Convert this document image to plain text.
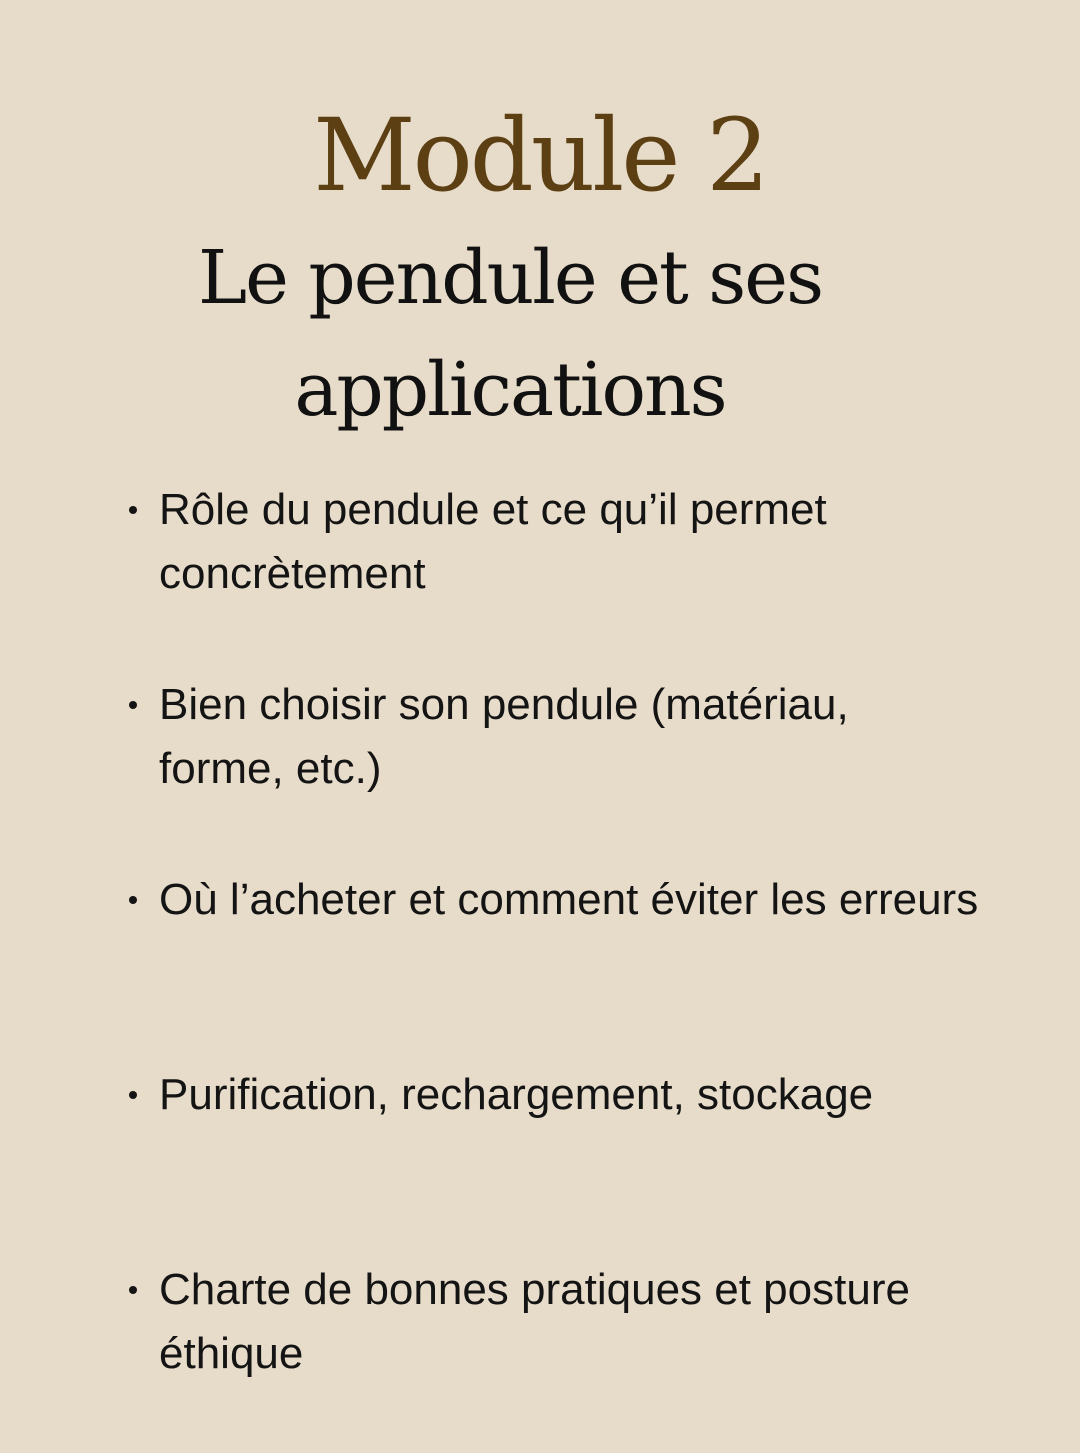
Module 2
Le pendule et ses applications
Rôle du pendule et ce qu’il permet concrètement
Bien choisir son pendule (matériau, forme, etc.)
Où l’acheter et comment éviter les erreurs
Purification, rechargement, stockage
Charte de bonnes pratiques et posture éthique
